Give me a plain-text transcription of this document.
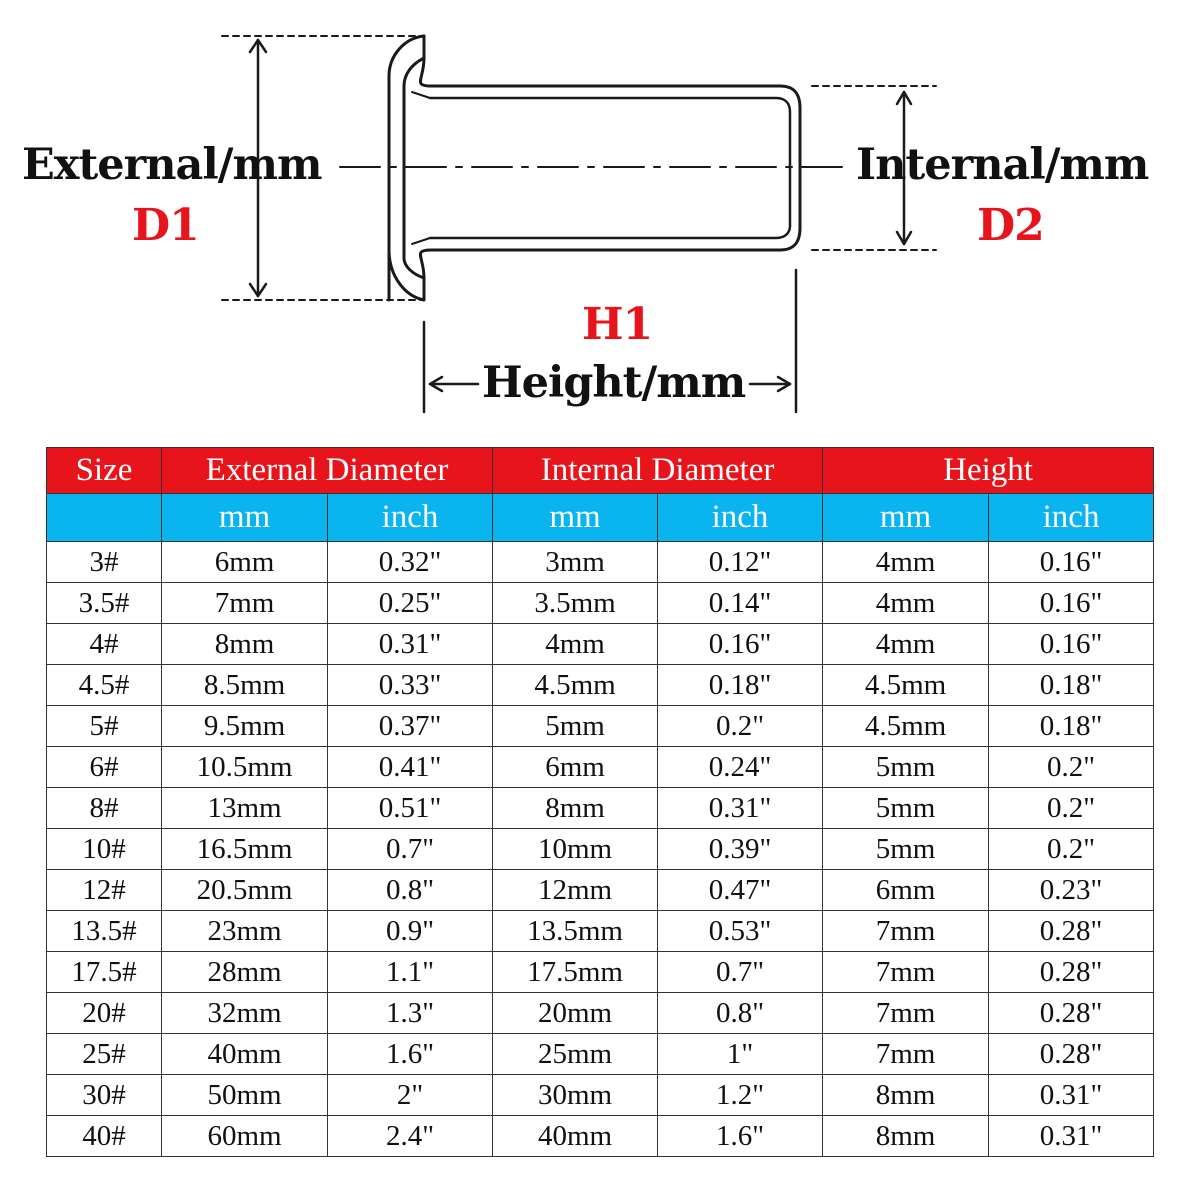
External/mm
D1
Internal/mm
D2
H1
Height/mm
Size	External Diameter		Internal Diameter		Height	
	mm	inch	mm	inch	mm	inch
3#	6mm	0.32"	3mm	0.12"	4mm	0.16"
3.5#	7mm	0.25"	3.5mm	0.14"	4mm	0.16"
4#	8mm	0.31"	4mm	0.16"	4mm	0.16"
4.5#	8.5mm	0.33"	4.5mm	0.18"	4.5mm	0.18"
5#	9.5mm	0.37"	5mm	0.2"	4.5mm	0.18"
6#	10.5mm	0.41"	6mm	0.24"	5mm	0.2"
8#	13mm	0.51"	8mm	0.31"	5mm	0.2"
10#	16.5mm	0.7"	10mm	0.39"	5mm	0.2"
12#	20.5mm	0.8"	12mm	0.47"	6mm	0.23"
13.5#	23mm	0.9"	13.5mm	0.53"	7mm	0.28"
17.5#	28mm	1.1"	17.5mm	0.7"	7mm	0.28"
20#	32mm	1.3"	20mm	0.8"	7mm	0.28"
25#	40mm	1.6"	25mm	1"	7mm	0.28"
30#	50mm	2"	30mm	1.2"	8mm	0.31"
40#	60mm	2.4"	40mm	1.6"	8mm	0.31"
